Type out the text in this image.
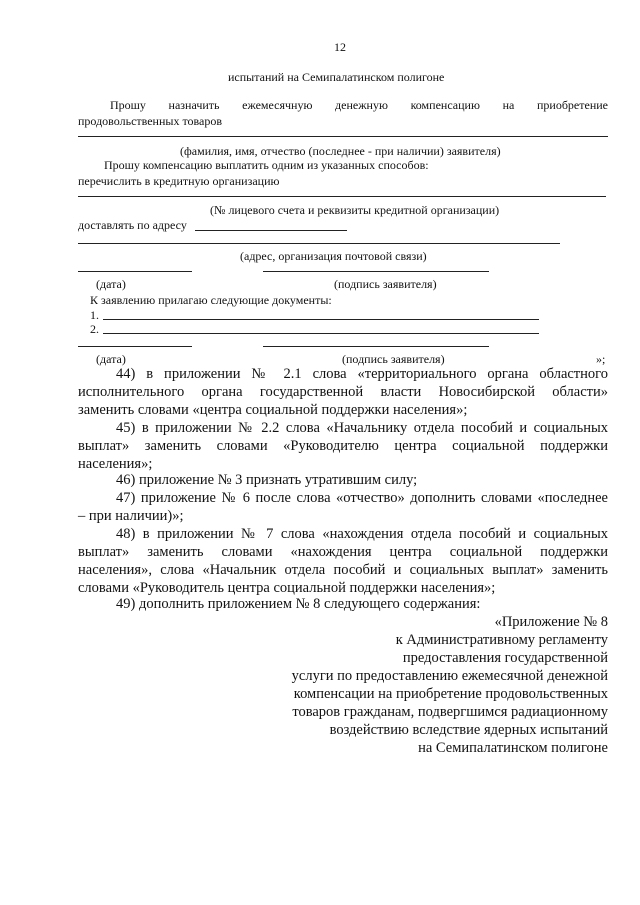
12
испытаний на Семипалатинском полигоне
Прошу назначить ежемесячную денежную компенсацию на приобретение
продовольственных товаров
(фамилия, имя, отчество (последнее - при наличии) заявителя)
Прошу компенсацию выплатить одним из указанных способов:
перечислить в кредитную организацию
(№ лицевого счета и реквизиты кредитной организации)
доставлять по адресу
(адрес, организация почтовой связи)
(дата)	(подпись заявителя)
К заявлению прилагаю следующие документы:
1.
2.
(дата)	(подпись заявителя)	»;
44) в приложении № 2.1 слова «территориального органа областного
исполнительного органа государственной власти Новосибирской области»
заменить словами «центра социальной поддержки населения»;
45) в приложении № 2.2 слова «Начальнику отдела пособий и социальных
выплат» заменить словами «Руководителю центра социальной поддержки
населения»;
46) приложение № 3 признать утратившим силу;
47) приложение № 6 после слова «отчество» дополнить словами «последнее
– при наличии)»;
48) в приложении № 7 слова «нахождения отдела пособий и социальных
выплат» заменить словами «нахождения центра социальной поддержки
населения», слова «Начальник отдела пособий и социальных выплат» заменить
словами «Руководитель центра социальной поддержки населения»;
49) дополнить приложением № 8 следующего содержания:
«Приложение № 8
к Административному регламенту
предоставления государственной
услуги по предоставлению ежемесячной денежной
компенсации на приобретение продовольственных
товаров гражданам, подвергшимся радиационному
воздействию вследствие ядерных испытаний
на Семипалатинском полигоне
